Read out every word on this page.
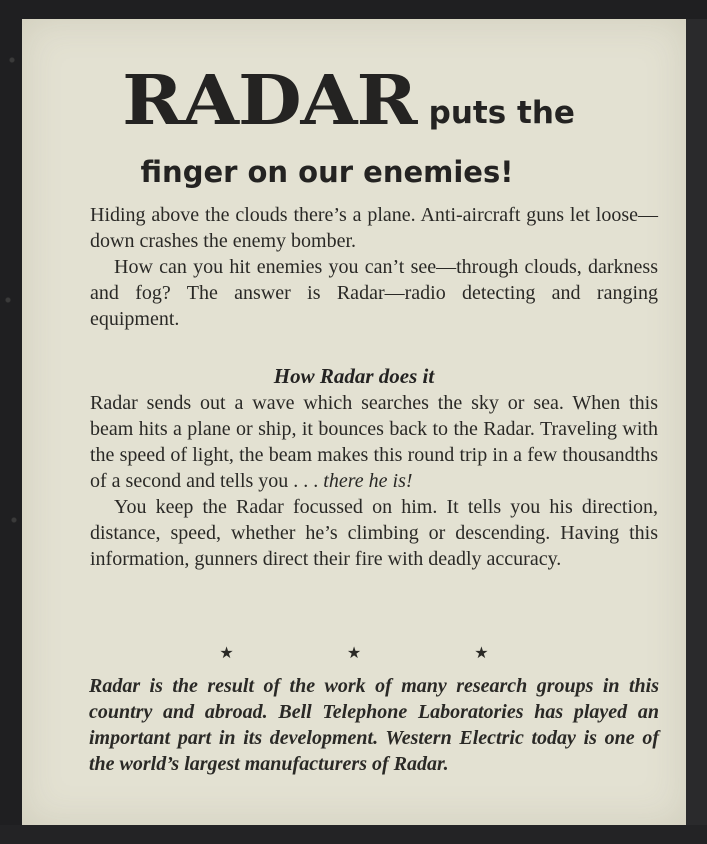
RADAR puts the
finger on our enemies!

Hiding above the clouds there’s a plane. Anti-aircraft guns let loose—down crashes the enemy bomber.

How can you hit enemies you can’t see—through clouds, darkness and fog? The answer is Radar—radio detecting and ranging equipment.

How Radar does it

Radar sends out a wave which searches the sky or sea. When this beam hits a plane or ship, it bounces back to the Radar. Traveling with the speed of light, the beam makes this round trip in a few thousandths of a second and tells you . . . there he is!

You keep the Radar focussed on him. It tells you his direction, distance, speed, whether he’s climbing or descending. Having this information, gunners direct their fire with deadly accuracy.

★ ★ ★
Radar is the result of the work of many research groups in this country and abroad. Bell Telephone Laboratories has played an important part in its development. Western Electric today is one of the world’s largest manufacturers of Radar.
